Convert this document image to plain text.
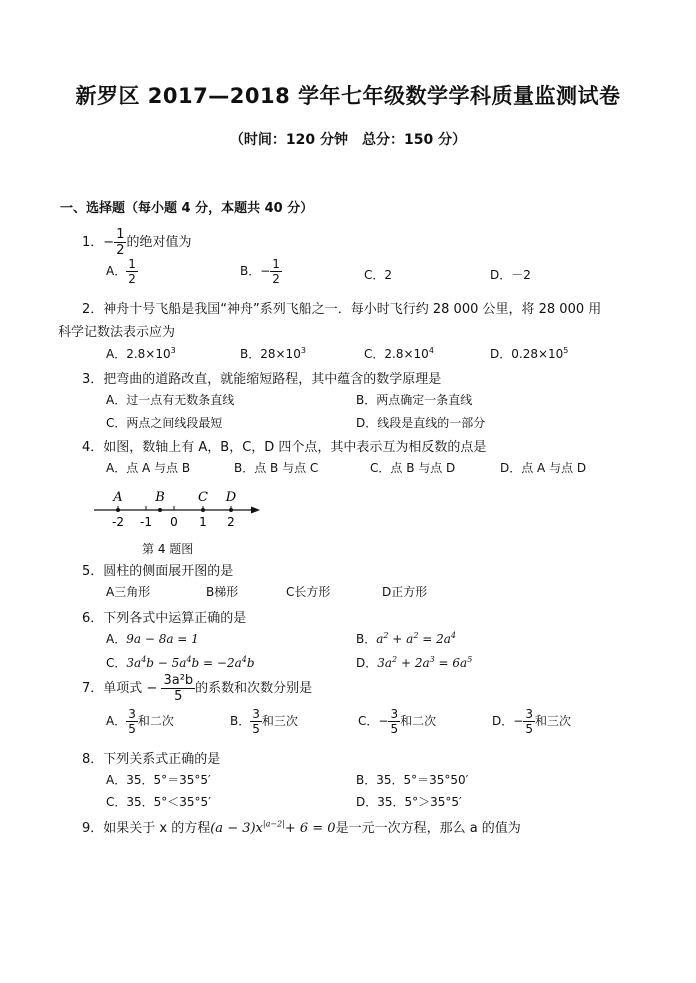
新罗区 2017—2018 学年七年级数学学科质量监测试卷
（时间：120 分钟　总分：150 分）
一、选择题（每小题 4 分，本题共 40 分）
1．− $\frac{1}{2}$ 的绝对值为
A． $\frac{1}{2}$	B．− $\frac{1}{2}$	C．2	D．－2
2．神舟十号飞船是我国“神舟”系列飞船之一．每小时飞行约 28 000 公里，将 28 000 用
科学记数法表示应为
A．$2.8\times 10^3$	B．$28\times 10^3$	C．$2.8\times 10^4$	D．$0.28\times 10^5$
3．把弯曲的道路改直，就能缩短路程，其中蕴含的数学原理是
A．过一点有无数条直线	B．两点确定一条直线
C．两点之间线段最短	D．线段是直线的一部分
4．如图，数轴上有 A，B，C，D 四个点，其中表示互为相反数的点是
A．点 A 与点 B	B．点 B 与点 C	C．点 B 与点 D	D．点 A 与点 D
A	B	C D
-2 -1 0 1 2
第 4 题图
5．圆柱的侧面展开图的是
A三角形	B梯形	C长方形	D正方形
6．下列各式中运算正确的是
A．9a − 8a = 1	B．$a^2 + a^2 = 2a^4$
C．$3a^4b - 5a^4b = -2a^4b$	D．$3a^2 + 2a^3 = 6a^5$
7．单项式 − $\frac{\text{3a²b}}{5}$ 的系数和次数分别是
A． $\frac{3}{5}$ 和二次	B． $\frac{3}{5}$ 和三次	C．− $\frac{3}{5}$ 和二次	D．− $\frac{3}{5}$ 和三次
8．下列关系式正确的是
A．35．5°＝35°5′	B．35．5°＝35°50′
C．35．5°＜35°5′	D．35．5°＞35°5′
9．如果关于 x 的方程$(a - 3)x^{|a-2|}+ 6 = 0$是一元一次方程，那么 a 的值为
